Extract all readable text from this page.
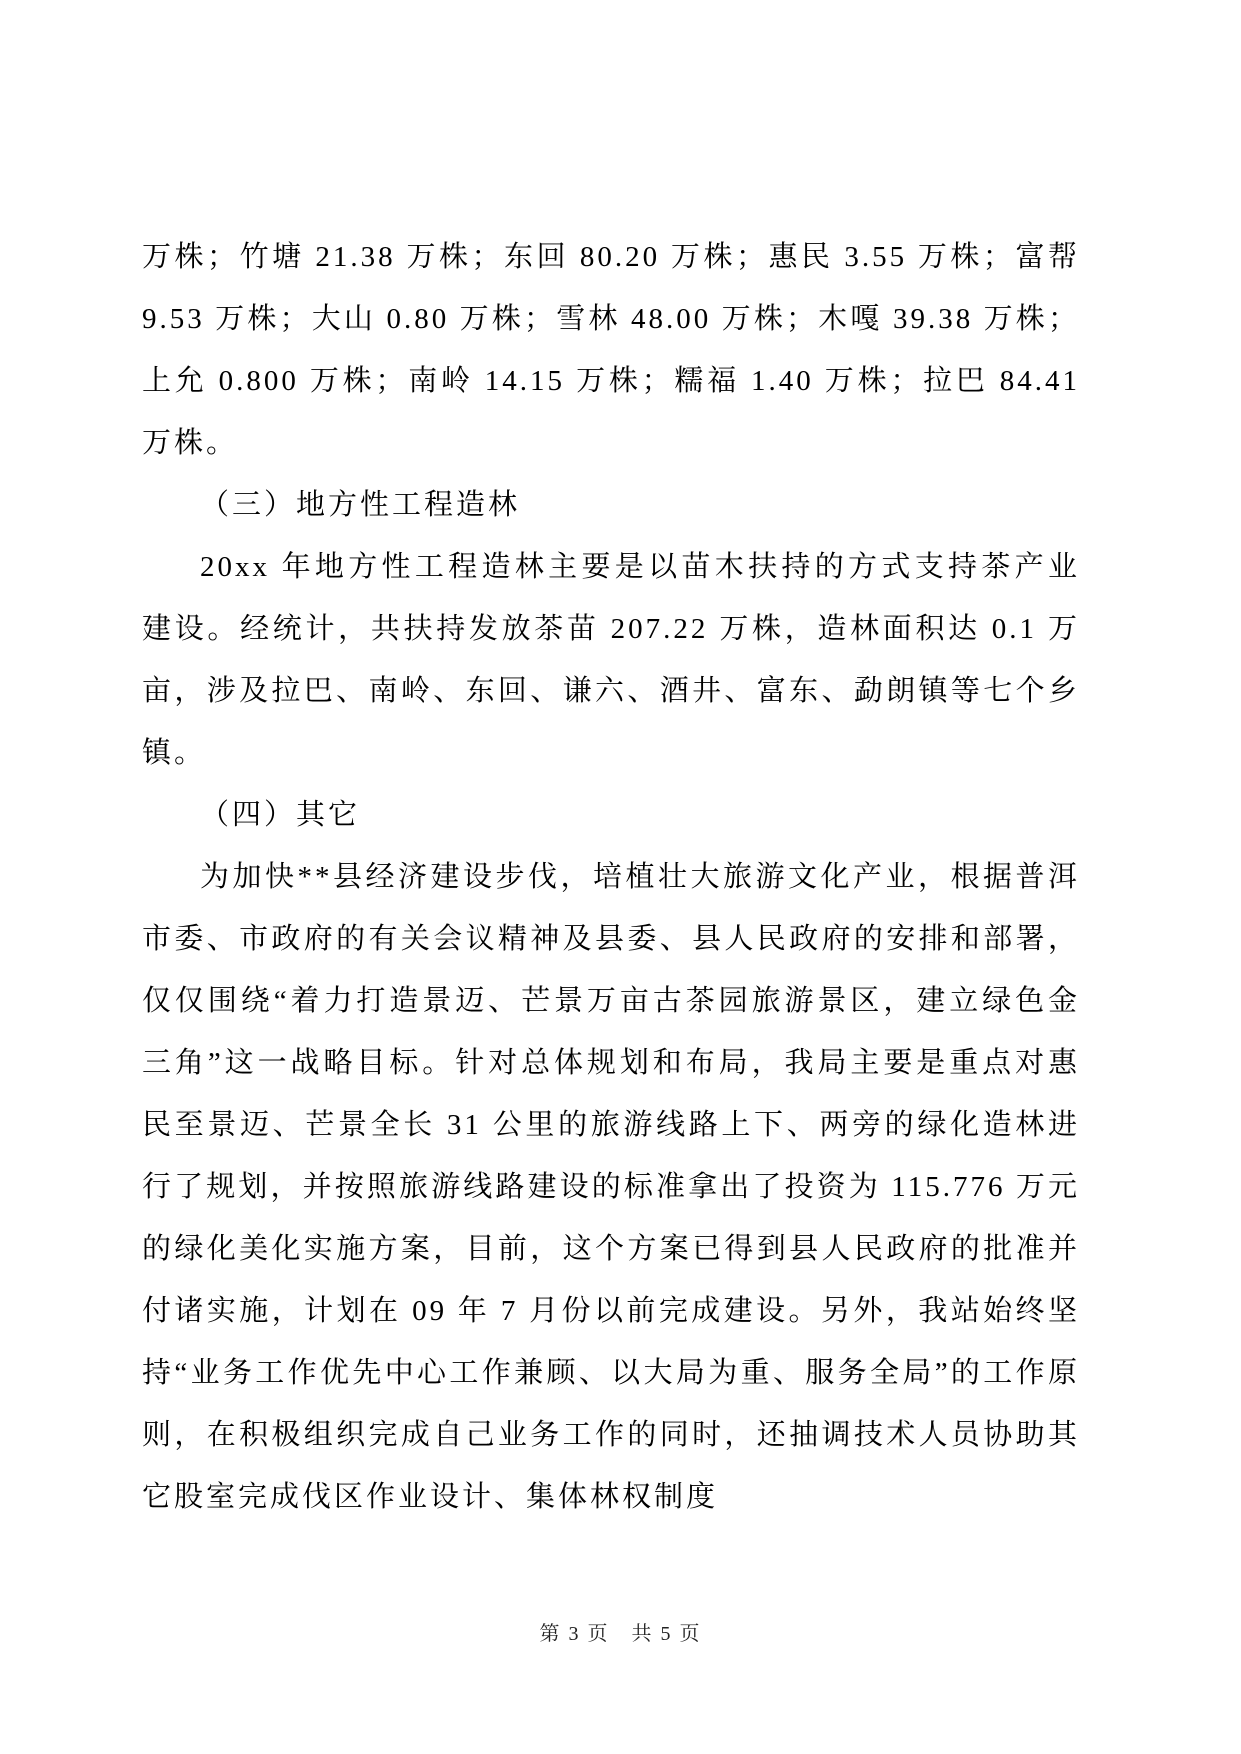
万株；竹塘 21.38 万株；东回 80.20 万株；惠民 3.55 万株；富帮 9.53 万株；大山 0.80 万株；雪林 48.00 万株；木嘎 39.38 万株；上允 0.800 万株；南岭 14.15 万株；糯福 1.40 万株；拉巴 84.41 万株。

（三）地方性工程造林

20xx 年地方性工程造林主要是以苗木扶持的方式支持茶产业建设。经统计，共扶持发放茶苗 207.22 万株，造林面积达 0.1 万亩，涉及拉巴、南岭、东回、谦六、酒井、富东、勐朗镇等七个乡镇。

（四）其它

为加快**县经济建设步伐，培植壮大旅游文化产业，根据普洱市委、市政府的有关会议精神及县委、县人民政府的安排和部署，仅仅围绕“着力打造景迈、芒景万亩古茶园旅游景区，建立绿色金三角”这一战略目标。针对总体规划和布局，我局主要是重点对惠民至景迈、芒景全长 31 公里的旅游线路上下、两旁的绿化造林进行了规划，并按照旅游线路建设的标准拿出了投资为 115.776 万元的绿化美化实施方案，目前，这个方案已得到县人民政府的批准并付诸实施，计划在 09 年 7 月份以前完成建设。另外，我站始终坚持“业务工作优先中心工作兼顾、以大局为重、服务全局”的工作原则，在积极组织完成自己业务工作的同时，还抽调技术人员协助其它股室完成伐区作业设计、集体林权制度

第 3 页　共 5 页
